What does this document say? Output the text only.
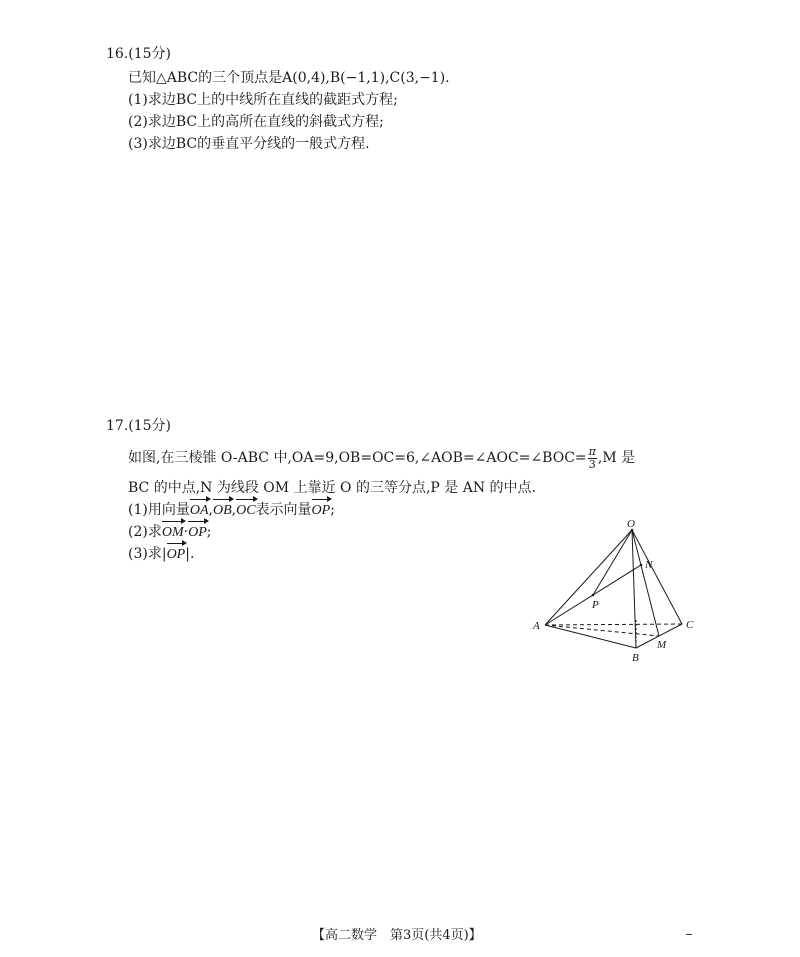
16.(15分)
已知△ABC的三个顶点是A(0,4),B(−1,1),C(3,−1).
(1)求边BC上的中线所在直线的截距式方程;
(2)求边BC上的高所在直线的斜截式方程;
(3)求边BC的垂直平分线的一般式方程.
17.(15分)
如图,在三棱锥 O-ABC 中,OA=9,OB=OC=6,∠AOB=∠AOC=∠BOC= $\frac{\pi}{3} ,M$ 是
BC 的中点,N 为线段 OM 上靠近 O 的三等分点,P 是 AN 的中点.
(1)用向量OA,OB,OC表示向量OP;
(2)求OM·OP;
(3)求|OP|.
O
A
B
C
M
N
P
【高二数学　第3页(共4页)】
